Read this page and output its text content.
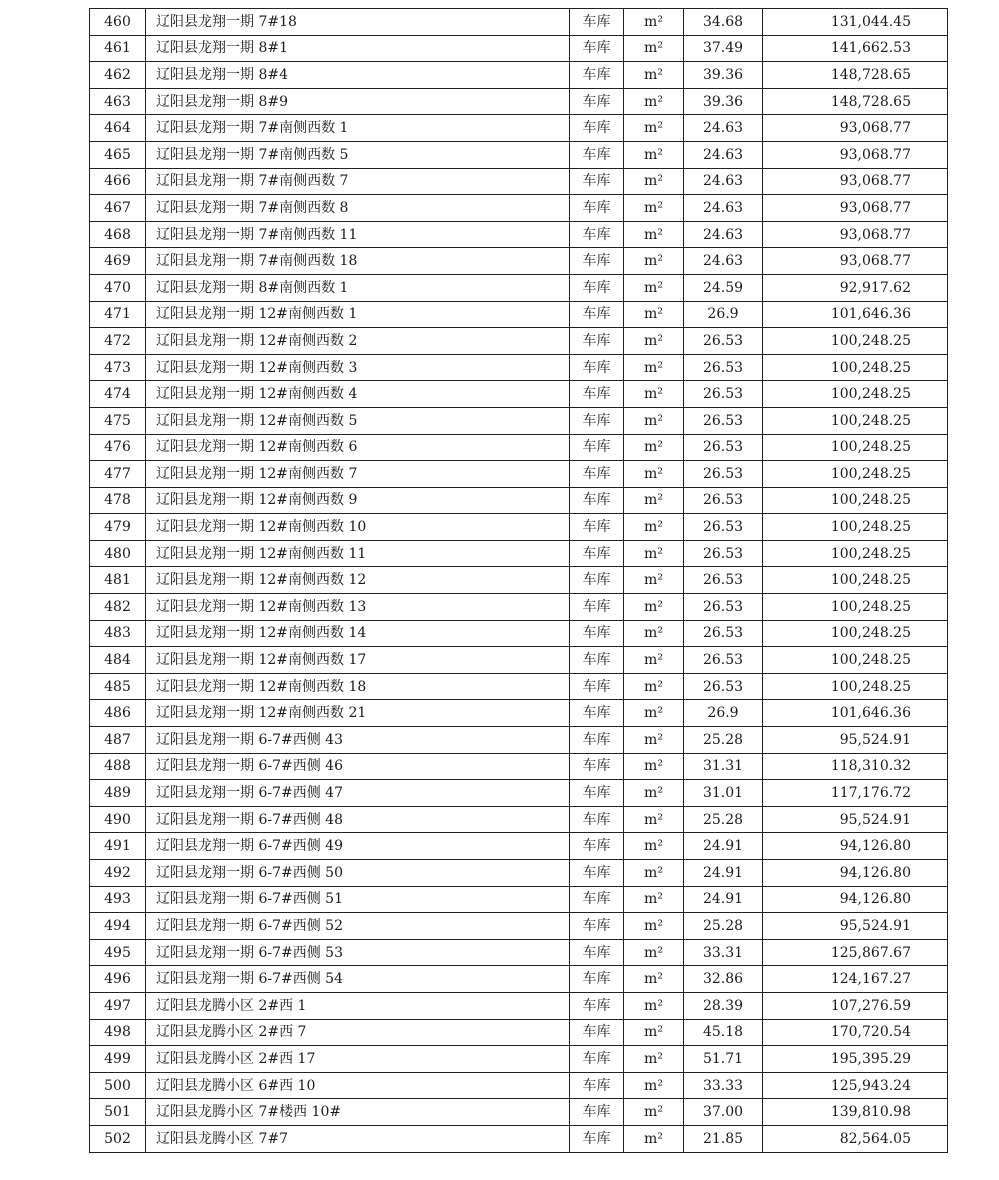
460	辽阳县龙翔一期 7#18	车库	m²	34.68	131,044.45
461	辽阳县龙翔一期 8#1	车库	m²	37.49	141,662.53
462	辽阳县龙翔一期 8#4	车库	m²	39.36	148,728.65
463	辽阳县龙翔一期 8#9	车库	m²	39.36	148,728.65
464	辽阳县龙翔一期 7#南侧西数 1	车库	m²	24.63	93,068.77
465	辽阳县龙翔一期 7#南侧西数 5	车库	m²	24.63	93,068.77
466	辽阳县龙翔一期 7#南侧西数 7	车库	m²	24.63	93,068.77
467	辽阳县龙翔一期 7#南侧西数 8	车库	m²	24.63	93,068.77
468	辽阳县龙翔一期 7#南侧西数 11	车库	m²	24.63	93,068.77
469	辽阳县龙翔一期 7#南侧西数 18	车库	m²	24.63	93,068.77
470	辽阳县龙翔一期 8#南侧西数 1	车库	m²	24.59	92,917.62
471	辽阳县龙翔一期 12#南侧西数 1	车库	m²	26.9	101,646.36
472	辽阳县龙翔一期 12#南侧西数 2	车库	m²	26.53	100,248.25
473	辽阳县龙翔一期 12#南侧西数 3	车库	m²	26.53	100,248.25
474	辽阳县龙翔一期 12#南侧西数 4	车库	m²	26.53	100,248.25
475	辽阳县龙翔一期 12#南侧西数 5	车库	m²	26.53	100,248.25
476	辽阳县龙翔一期 12#南侧西数 6	车库	m²	26.53	100,248.25
477	辽阳县龙翔一期 12#南侧西数 7	车库	m²	26.53	100,248.25
478	辽阳县龙翔一期 12#南侧西数 9	车库	m²	26.53	100,248.25
479	辽阳县龙翔一期 12#南侧西数 10	车库	m²	26.53	100,248.25
480	辽阳县龙翔一期 12#南侧西数 11	车库	m²	26.53	100,248.25
481	辽阳县龙翔一期 12#南侧西数 12	车库	m²	26.53	100,248.25
482	辽阳县龙翔一期 12#南侧西数 13	车库	m²	26.53	100,248.25
483	辽阳县龙翔一期 12#南侧西数 14	车库	m²	26.53	100,248.25
484	辽阳县龙翔一期 12#南侧西数 17	车库	m²	26.53	100,248.25
485	辽阳县龙翔一期 12#南侧西数 18	车库	m²	26.53	100,248.25
486	辽阳县龙翔一期 12#南侧西数 21	车库	m²	26.9	101,646.36
487	辽阳县龙翔一期 6-7#西侧 43	车库	m²	25.28	95,524.91
488	辽阳县龙翔一期 6-7#西侧 46	车库	m²	31.31	118,310.32
489	辽阳县龙翔一期 6-7#西侧 47	车库	m²	31.01	117,176.72
490	辽阳县龙翔一期 6-7#西侧 48	车库	m²	25.28	95,524.91
491	辽阳县龙翔一期 6-7#西侧 49	车库	m²	24.91	94,126.80
492	辽阳县龙翔一期 6-7#西侧 50	车库	m²	24.91	94,126.80
493	辽阳县龙翔一期 6-7#西侧 51	车库	m²	24.91	94,126.80
494	辽阳县龙翔一期 6-7#西侧 52	车库	m²	25.28	95,524.91
495	辽阳县龙翔一期 6-7#西侧 53	车库	m²	33.31	125,867.67
496	辽阳县龙翔一期 6-7#西侧 54	车库	m²	32.86	124,167.27
497	辽阳县龙腾小区 2#西 1	车库	m²	28.39	107,276.59
498	辽阳县龙腾小区 2#西 7	车库	m²	45.18	170,720.54
499	辽阳县龙腾小区 2#西 17	车库	m²	51.71	195,395.29
500	辽阳县龙腾小区 6#西 10	车库	m²	33.33	125,943.24
501	辽阳县龙腾小区 7#楼西 10#	车库	m²	37.00	139,810.98
502	辽阳县龙腾小区 7#7	车库	m²	21.85	82,564.05
